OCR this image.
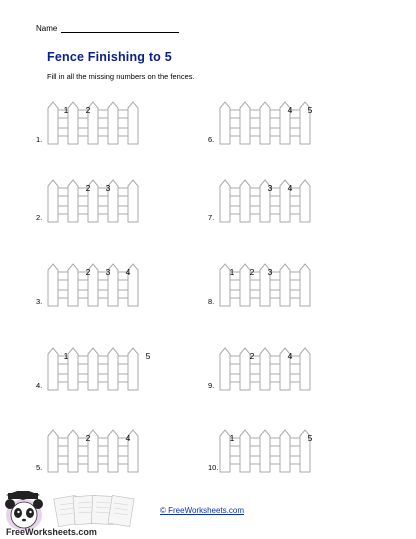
Name
Fence Finishing to 5
Fill in all the missing numbers on the fences.
1.
1	2
2.
2	3
3.
2	3	4
4.
1	5
5.
2	4
6.
4	5
7.
3	4
8.
1	2	3
9.
2	4
10.
1	5
FreeWorksheets.com
© FreeWorksheets.com
